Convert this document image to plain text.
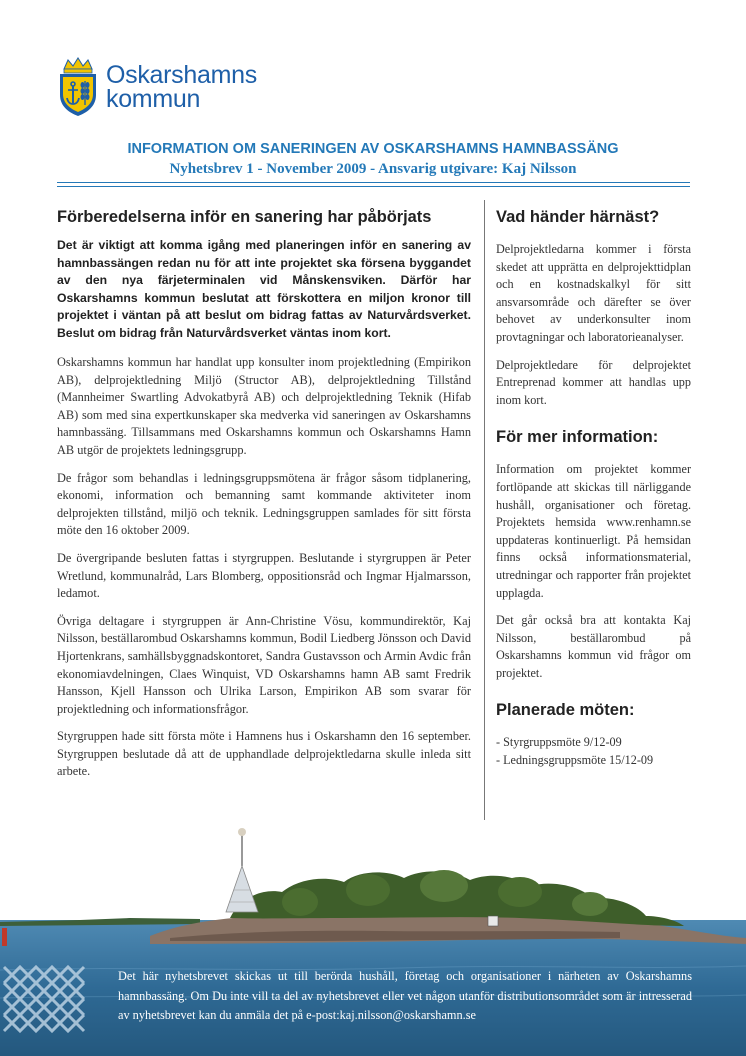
Oskarshamns
kommun
INFORMATION OM SANERINGEN AV OSKARSHAMNS HAMNBASSÄNG
Nyhetsbrev 1 - November 2009 - Ansvarig utgivare: Kaj Nilsson
Förberedelserna inför en sanering har påbörjats

Det är viktigt att komma igång med planeringen inför en sanering av hamnbassängen redan nu för att inte projektet ska försena byggandet av den nya färjeterminalen vid Månskensviken. Därför har Oskarshamns kommun beslutat att förskottera en miljon kronor till projektet i väntan på att beslut om bidrag fattas av Naturvårdsverket. Beslut om bidrag från Naturvårdsverket väntas inom kort.

Oskarshamns kommun har handlat upp konsulter inom projektledning (Empirikon AB), delprojektledning Miljö (Structor AB), delprojektledning Tillstånd (Mannheimer Swartling Advokatbyrå AB) och delprojektledning Teknik (Hifab AB) som med sina expertkunskaper ska medverka vid saneringen av Oskarshamns hamnbassäng. Tillsammans med Oskarshamns kommun och Oskarshamns Hamn AB utgör de projektets ledningsgrupp.

De frågor som behandlas i ledningsgruppsmötena är frågor såsom tidplanering, ekonomi, information och bemanning samt kommande aktiviteter inom delprojekten tillstånd, miljö och teknik. Ledningsgruppen samlades för sitt första möte den 16 oktober 2009.

De övergripande besluten fattas i styrgruppen. Beslutande i styrgruppen är Peter Wretlund, kommunalråd, Lars Blomberg, oppositionsråd och Ingmar Hjalmarsson, ledamot.

Övriga deltagare i styrgruppen är Ann-Christine Vösu, kommundirektör, Kaj Nilsson, beställarombud Oskarshamns kommun, Bodil Liedberg Jönsson och David Hjortenkrans, samhällsbyggnadskontoret, Sandra Gustavsson och Armin Avdic från ekonomiavdelningen, Claes Winquist, VD Oskarshamns hamn AB samt Fredrik Hansson, Kjell Hansson och Ulrika Larson, Empirikon AB som svarar för projektledning och informationsfrågor.

Styrgruppen hade sitt första möte i Hamnens hus i Oskarshamn den 16 september. Styrgruppen beslutade då att de upphandlade delprojektledarna skulle inleda sitt arbete.

Vad händer härnäst?

Delprojektledarna kommer i första skedet att upprätta en delprojekttidplan och en kostnadskalkyl för sitt ansvarsområde och därefter se över behovet av underkonsulter inom provtagningar och laboratorieanalyser.

Delprojektledare för delprojektet Entreprenad kommer att handlas upp inom kort.

För mer information:

Information om projektet kommer fortlöpande att skickas till närliggande hushåll, organisationer och företag. Projektets hemsida www.renhamn.se uppdateras kontinuerligt. På hemsidan finns också informationsmaterial, utredningar och rapporter från projektet upplagda.

Det går också bra att kontakta Kaj Nilsson, beställarombud på Oskarshamns kommun vid frågor om projektet.

Planerade möten:
- Styrgruppsmöte 9/12-09
- Ledningsgruppsmöte 15/12-09
Det här nyhetsbrevet skickas ut till berörda hushåll, företag och organisationer i närheten av Oskarshamns hamnbassäng. Om Du inte vill ta del av nyhetsbrevet eller vet någon utanför distributionsområdet som är intresserad av nyhetsbrevet kan du anmäla det på e-post:kaj.nilsson@oskarshamn.se
